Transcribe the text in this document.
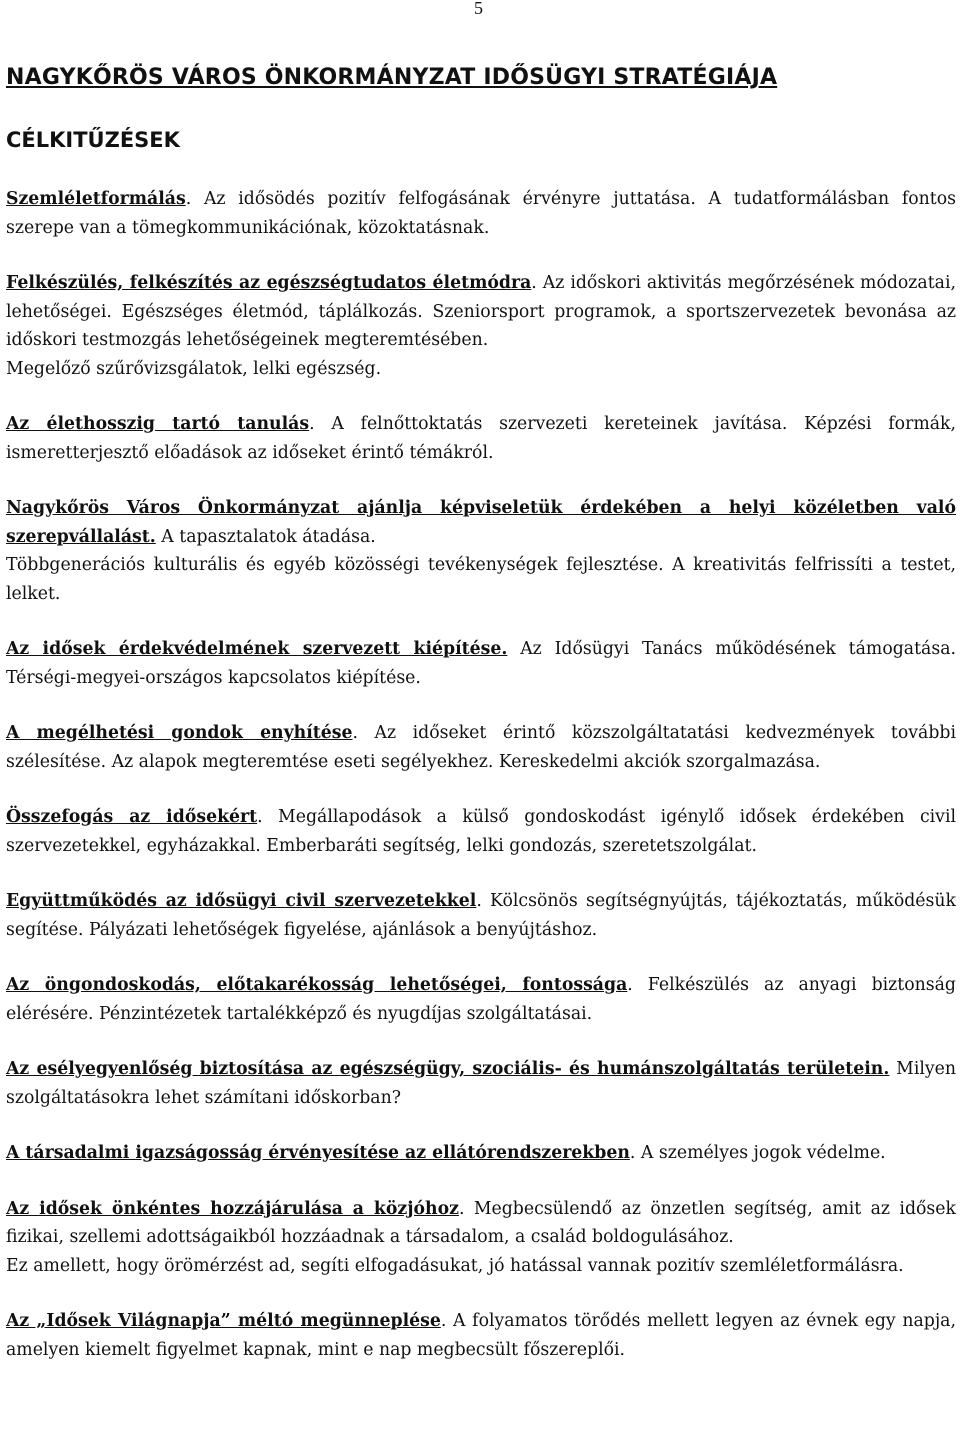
5
NAGYKŐRÖS VÁROS ÖNKORMÁNYZAT IDŐSÜGYI STRATÉGIÁJA
CÉLKITŰZÉSEK

Szemléletformálás. Az idősödés pozitív felfogásának érvényre juttatása. A tudatformálásban fontos szerepe van a tömegkommunikációnak, közoktatásnak.

Felkészülés, felkészítés az egészségtudatos életmódra. Az időskori aktivitás megőrzésének módozatai, lehetőségei. Egészséges életmód, táplálkozás. Szeniorsport programok, a sportszervezetek bevonása az időskori testmozgás lehetőségeinek megteremtésében.
Megelőző szűrővizsgálatok, lelki egészség.

Az élethosszig tartó tanulás. A felnőttoktatás szervezeti kereteinek javítása. Képzési formák, ismeretterjesztő előadások az időseket érintő témákról.

Nagykőrös Város Önkormányzat ajánlja képviseletük érdekében a helyi közéletben való szerepvállalást. A tapasztalatok átadása.
Többgenerációs kulturális és egyéb közösségi tevékenységek fejlesztése. A kreativitás felfrissíti a testet, lelket.

Az idősek érdekvédelmének szervezett kiépítése. Az Idősügyi Tanács működésének támogatása. Térségi-megyei-országos kapcsolatos kiépítése.

A megélhetési gondok enyhítése. Az időseket érintő közszolgáltatatási kedvezmények további szélesítése. Az alapok megteremtése eseti segélyekhez. Kereskedelmi akciók szorgalmazása.

Összefogás az idősekért. Megállapodások a külső gondoskodást igénylő idősek érdekében civil szervezetekkel, egyházakkal. Emberbaráti segítség, lelki gondozás, szeretetszolgálat.

Együttműködés az idősügyi civil szervezetekkel. Kölcsönös segítségnyújtás, tájékoztatás, működésük segítése. Pályázati lehetőségek figyelése, ajánlások a benyújtáshoz.

Az öngondoskodás, előtakarékosság lehetőségei, fontossága. Felkészülés az anyagi biztonság elérésére. Pénzintézetek tartalékképző és nyugdíjas szolgáltatásai.

Az esélyegyenlőség biztosítása az egészségügy, szociális- és humánszolgáltatás területein. Milyen szolgáltatásokra lehet számítani időskorban?

A társadalmi igazságosság érvényesítése az ellátórendszerekben. A személyes jogok védelme.

Az idősek önkéntes hozzájárulása a közjóhoz. Megbecsülendő az önzetlen segítség, amit az idősek fizikai, szellemi adottságaikból hozzáadnak a társadalom, a család boldogulásához.
Ez amellett, hogy örömérzést ad, segíti elfogadásukat, jó hatással vannak pozitív szemléletformálásra.

Az „Idősek Világnapja” méltó megünneplése. A folyamatos törődés mellett legyen az évnek egy napja, amelyen kiemelt figyelmet kapnak, mint e nap megbecsült főszereplői.
